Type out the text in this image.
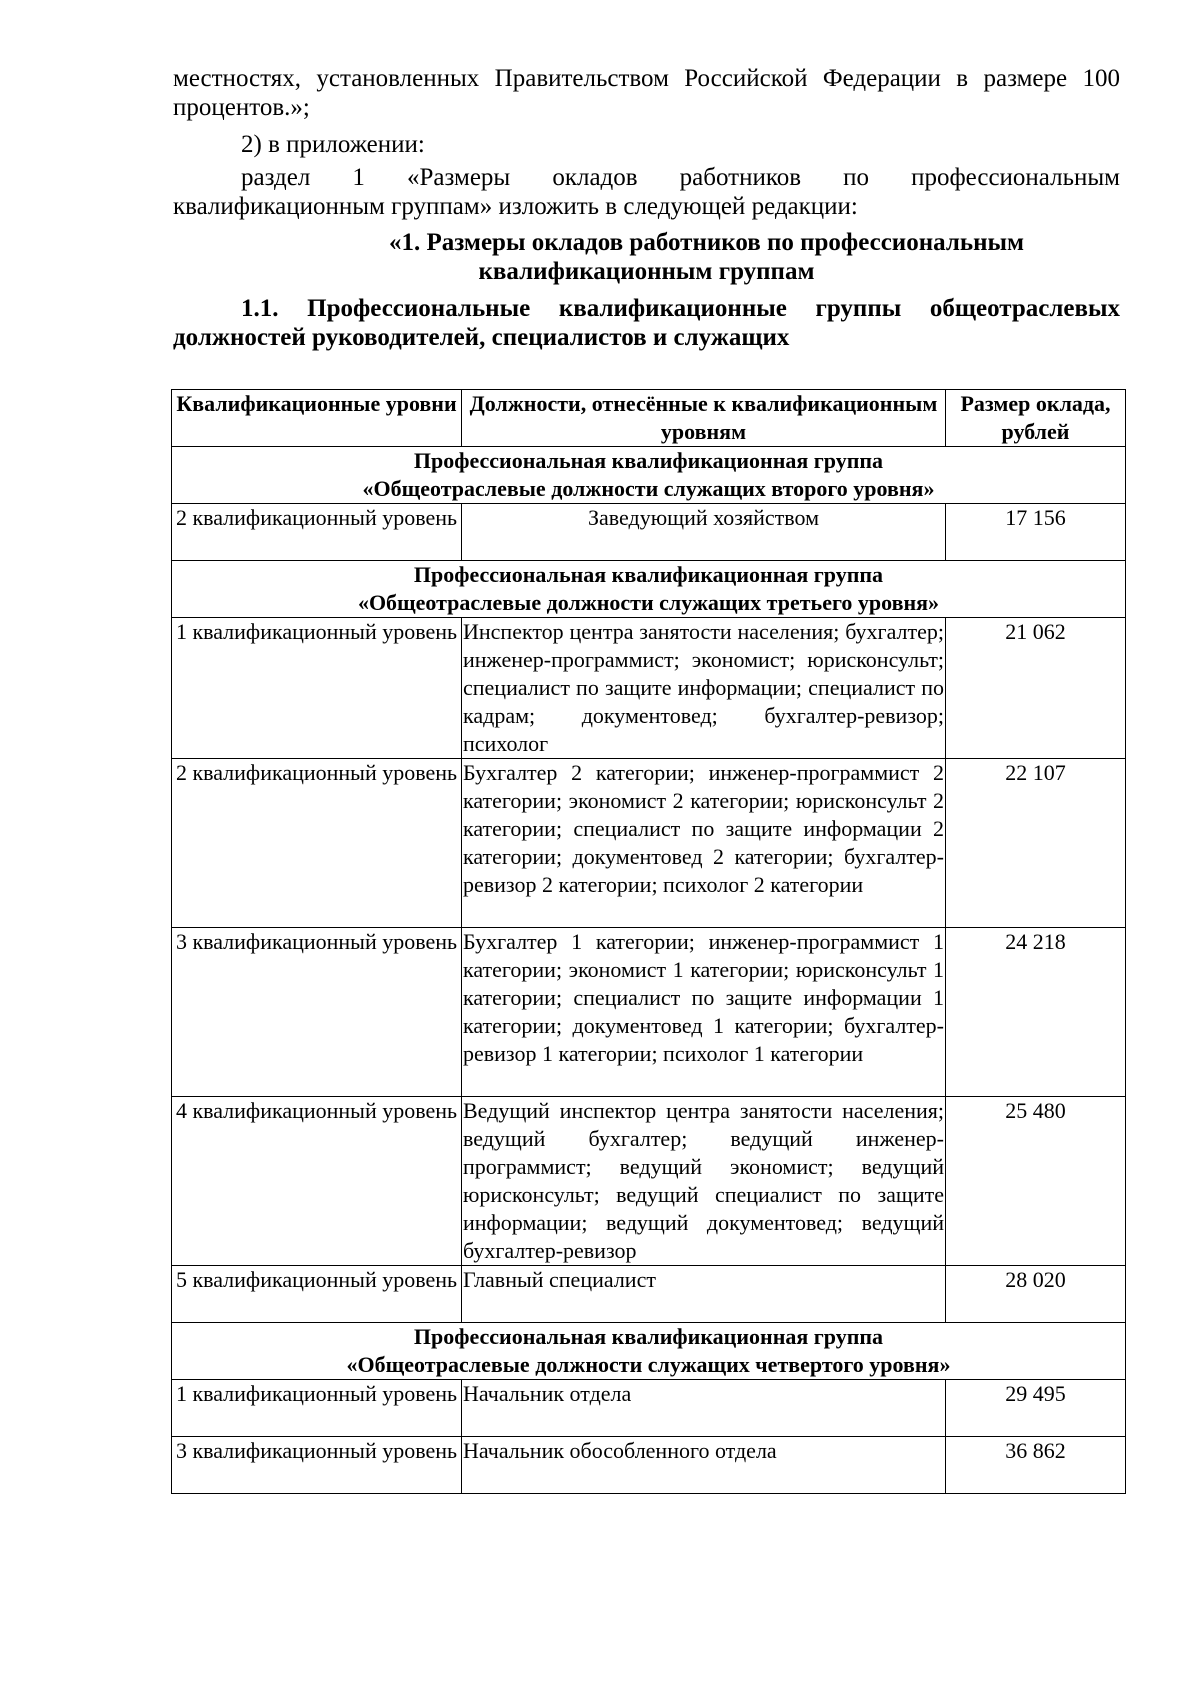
местностях, установленных Правительством Российской Федерации в размере 100 процентов.»;
2) в приложении:
раздел 1 «Размеры окладов работников по профессиональным квалификационным группам» изложить в следующей редакции:
«1. Размеры окладов работников по профессиональным
квалификационным группам
1.1. Профессиональные квалификационные группы общеотраслевых должностей руководителей, специалистов и служащих
Квалификационные уровни	Должности, отнесённые к квалификационным уровням	Размер оклада, рублей

Профессиональная квалификационная группа
«Общеотраслевые должности служащих второго уровня»		

2 квалификационный уровень	Заведующий хозяйством	17 156

Профессиональная квалификационная группа
«Общеотраслевые должности служащих третьего уровня»		

1 квалификационный уровень	Инспектор центра занятости населения; бухгалтер; инженер-программист; экономист; юрисконсульт; специалист по защите информации; специалист по кадрам; документовед; бухгалтер-ревизор; психолог	21 062
2 квалификационный уровень	Бухгалтер 2 категории; инженер-программист 2 категории; экономист 2 категории; юрисконсульт 2 категории; специалист по защите информации 2 категории; документовед 2 категории; бухгалтер-ревизор 2 категории; психолог 2 категории	22 107
3 квалификационный уровень	Бухгалтер 1 категории; инженер-программист 1 категории; экономист 1 категории; юрисконсульт 1 категории; специалист по защите информации 1 категории; документовед 1 категории; бухгалтер-ревизор 1 категории; психолог 1 категории	24 218
4 квалификационный уровень	Ведущий инспектор центра занятости населения; ведущий бухгалтер; ведущий инженер-программист; ведущий экономист; ведущий юрисконсульт; ведущий специалист по защите информации; ведущий документовед; ведущий бухгалтер-ревизор	25 480
5 квалификационный уровень	Главный специалист	28 020

Профессиональная квалификационная группа
«Общеотраслевые должности служащих четвертого уровня»		

1 квалификационный уровень	Начальник отдела	29 495
3 квалификационный уровень	Начальник обособленного отдела	36 862
